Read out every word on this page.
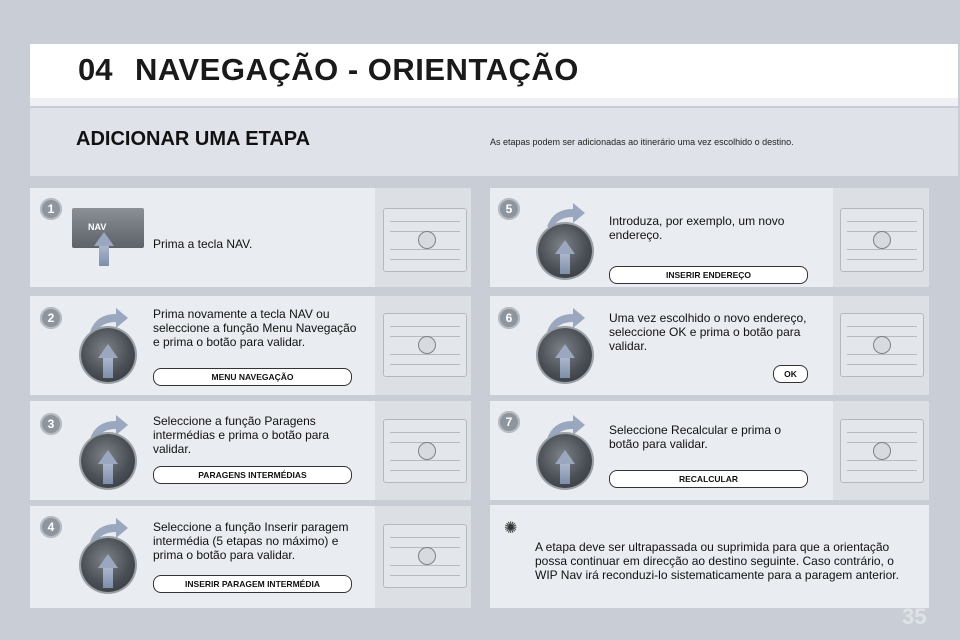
04 NAVEGAÇÃO - ORIENTAÇÃO
ADICIONAR UMA ETAPA	As etapas podem ser adicionadas ao itinerário uma vez escolhido o destino.
1
NAV
Prima a tecla NAV.
2	Prima novamente a tecla NAV ou seleccione a função Menu Navegação e prima o botão para validar.
MENU NAVEGAÇÃO
3	Seleccione a função Paragens intermédias e prima o botão para validar.
PARAGENS INTERMÉDIAS
4	Seleccione a função Inserir paragem intermédia (5 etapas no máximo) e prima o botão para validar.
INSERIR PARAGEM INTERMÉDIA
5
Introduza, por exemplo, um novo endereço.
INSERIR ENDEREÇO
6	Uma vez escolhido o novo endereço, seleccione OK e prima o botão para validar.
OK
7
Seleccione Recalcular e prima o botão para validar.
RECALCULAR
✺
A etapa deve ser ultrapassada ou suprimida para que a orientação possa continuar em direcção ao destino seguinte. Caso contrário, o WIP Nav irá reconduzi-lo sistematicamente para a paragem anterior.
35
